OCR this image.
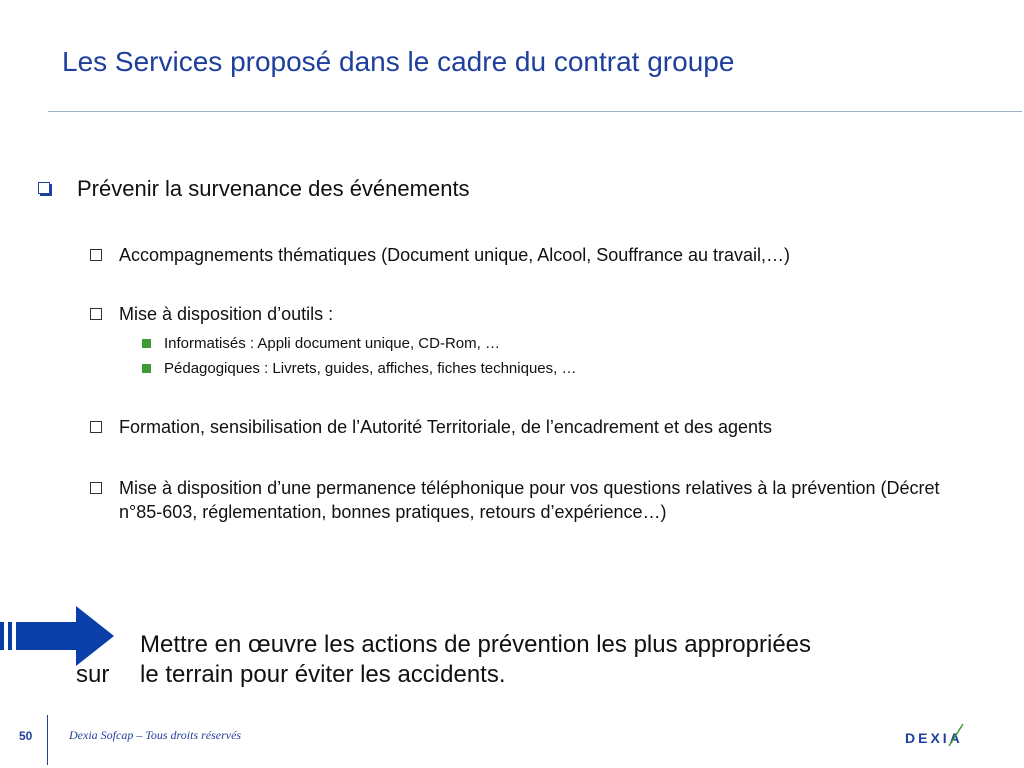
Les Services proposé dans le cadre du contrat groupe
Prévenir la survenance des événements
Accompagnements thématiques (Document unique, Alcool, Souffrance au travail,…)
Mise à disposition d’outils :
Informatisés : Appli document unique, CD-Rom, …
Pédagogiques : Livrets, guides, affiches, fiches techniques, …
Formation, sensibilisation de l’Autorité Territoriale, de l’encadrement et des agents
Mise à disposition d’une permanence téléphonique pour vos questions relatives à la prévention (Décret n°85-603, réglementation, bonnes pratiques, retours d’expérience…)
Mettre en œuvre les actions de prévention les plus appropriées
sur le terrain pour éviter les accidents.
50	Dexia Sofcap – Tous droits réservés	DEXIA
